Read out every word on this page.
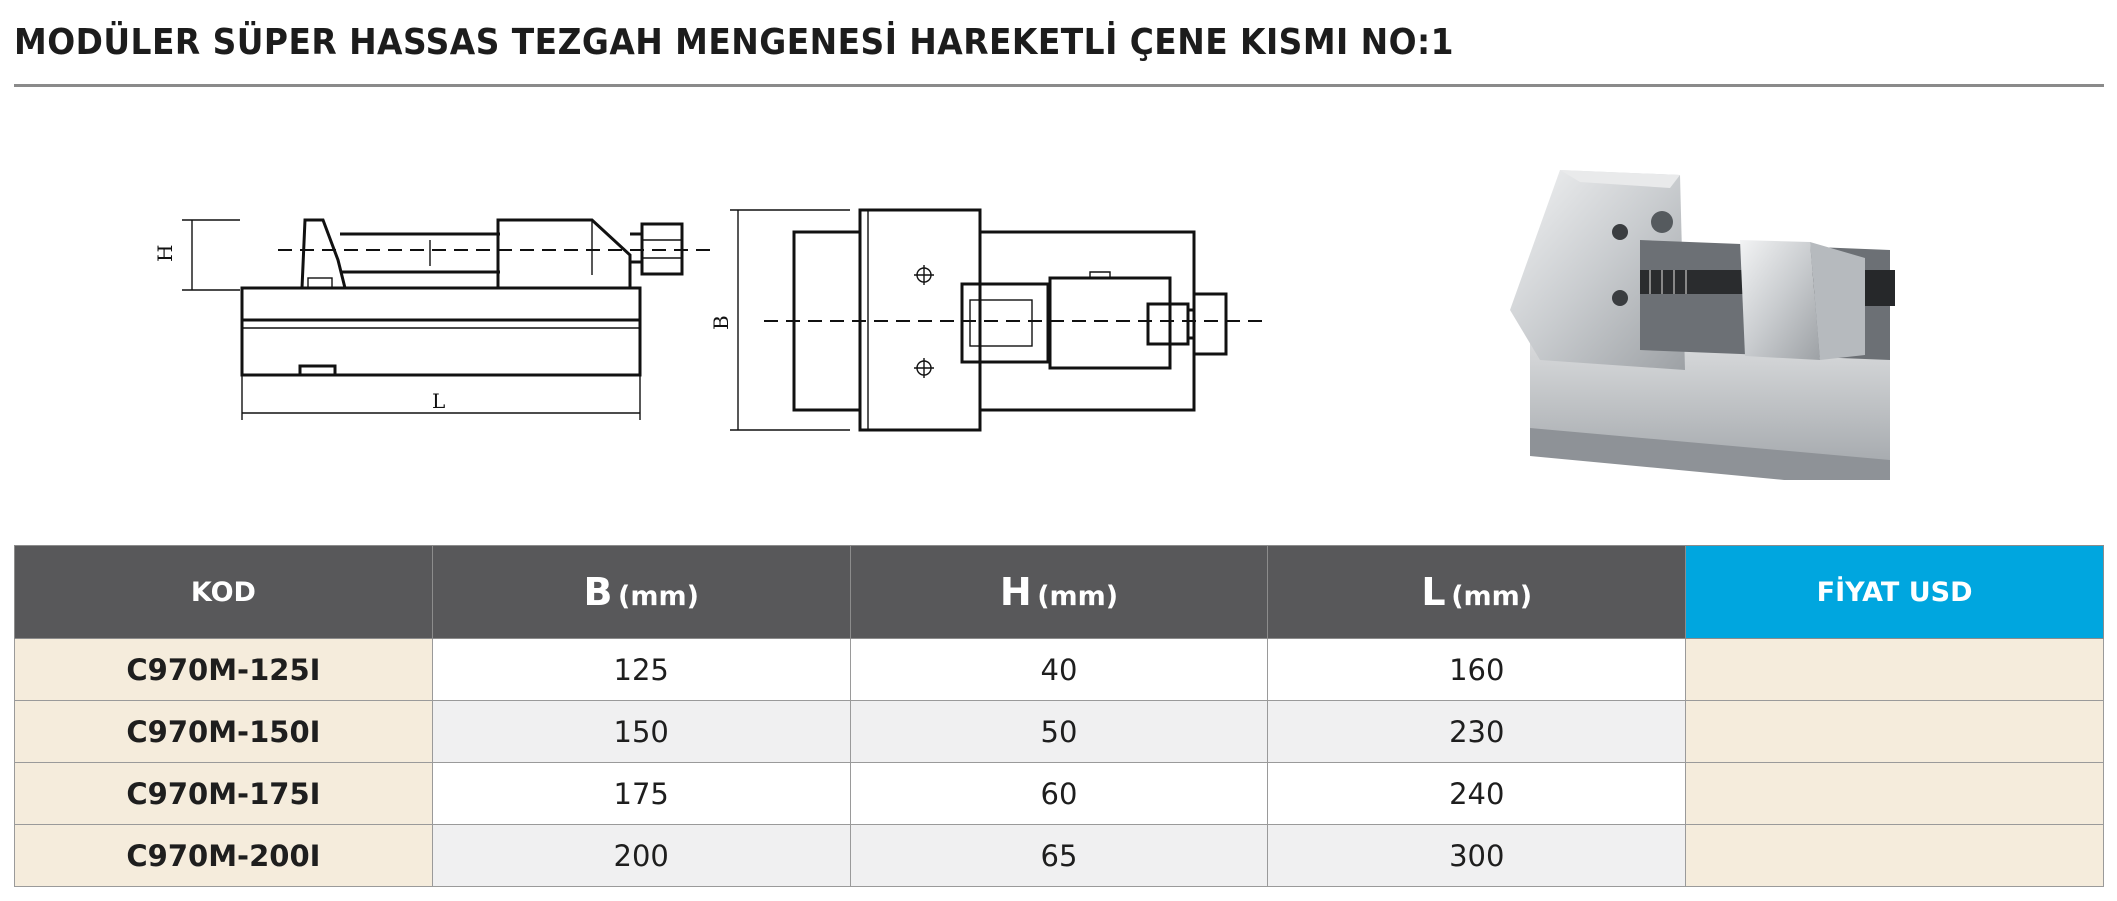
MODÜLER SÜPER HASSAS TEZGAH MENGENESİ HAREKETLİ ÇENE KISMI NO:1
H
L
B
KOD	B (mm)	H (mm)	L (mm)	FİYAT USD
C970M-125I	125	40	160	
C970M-150I	150	50	230	
C970M-175I	175	60	240	
C970M-200I	200	65	300	
